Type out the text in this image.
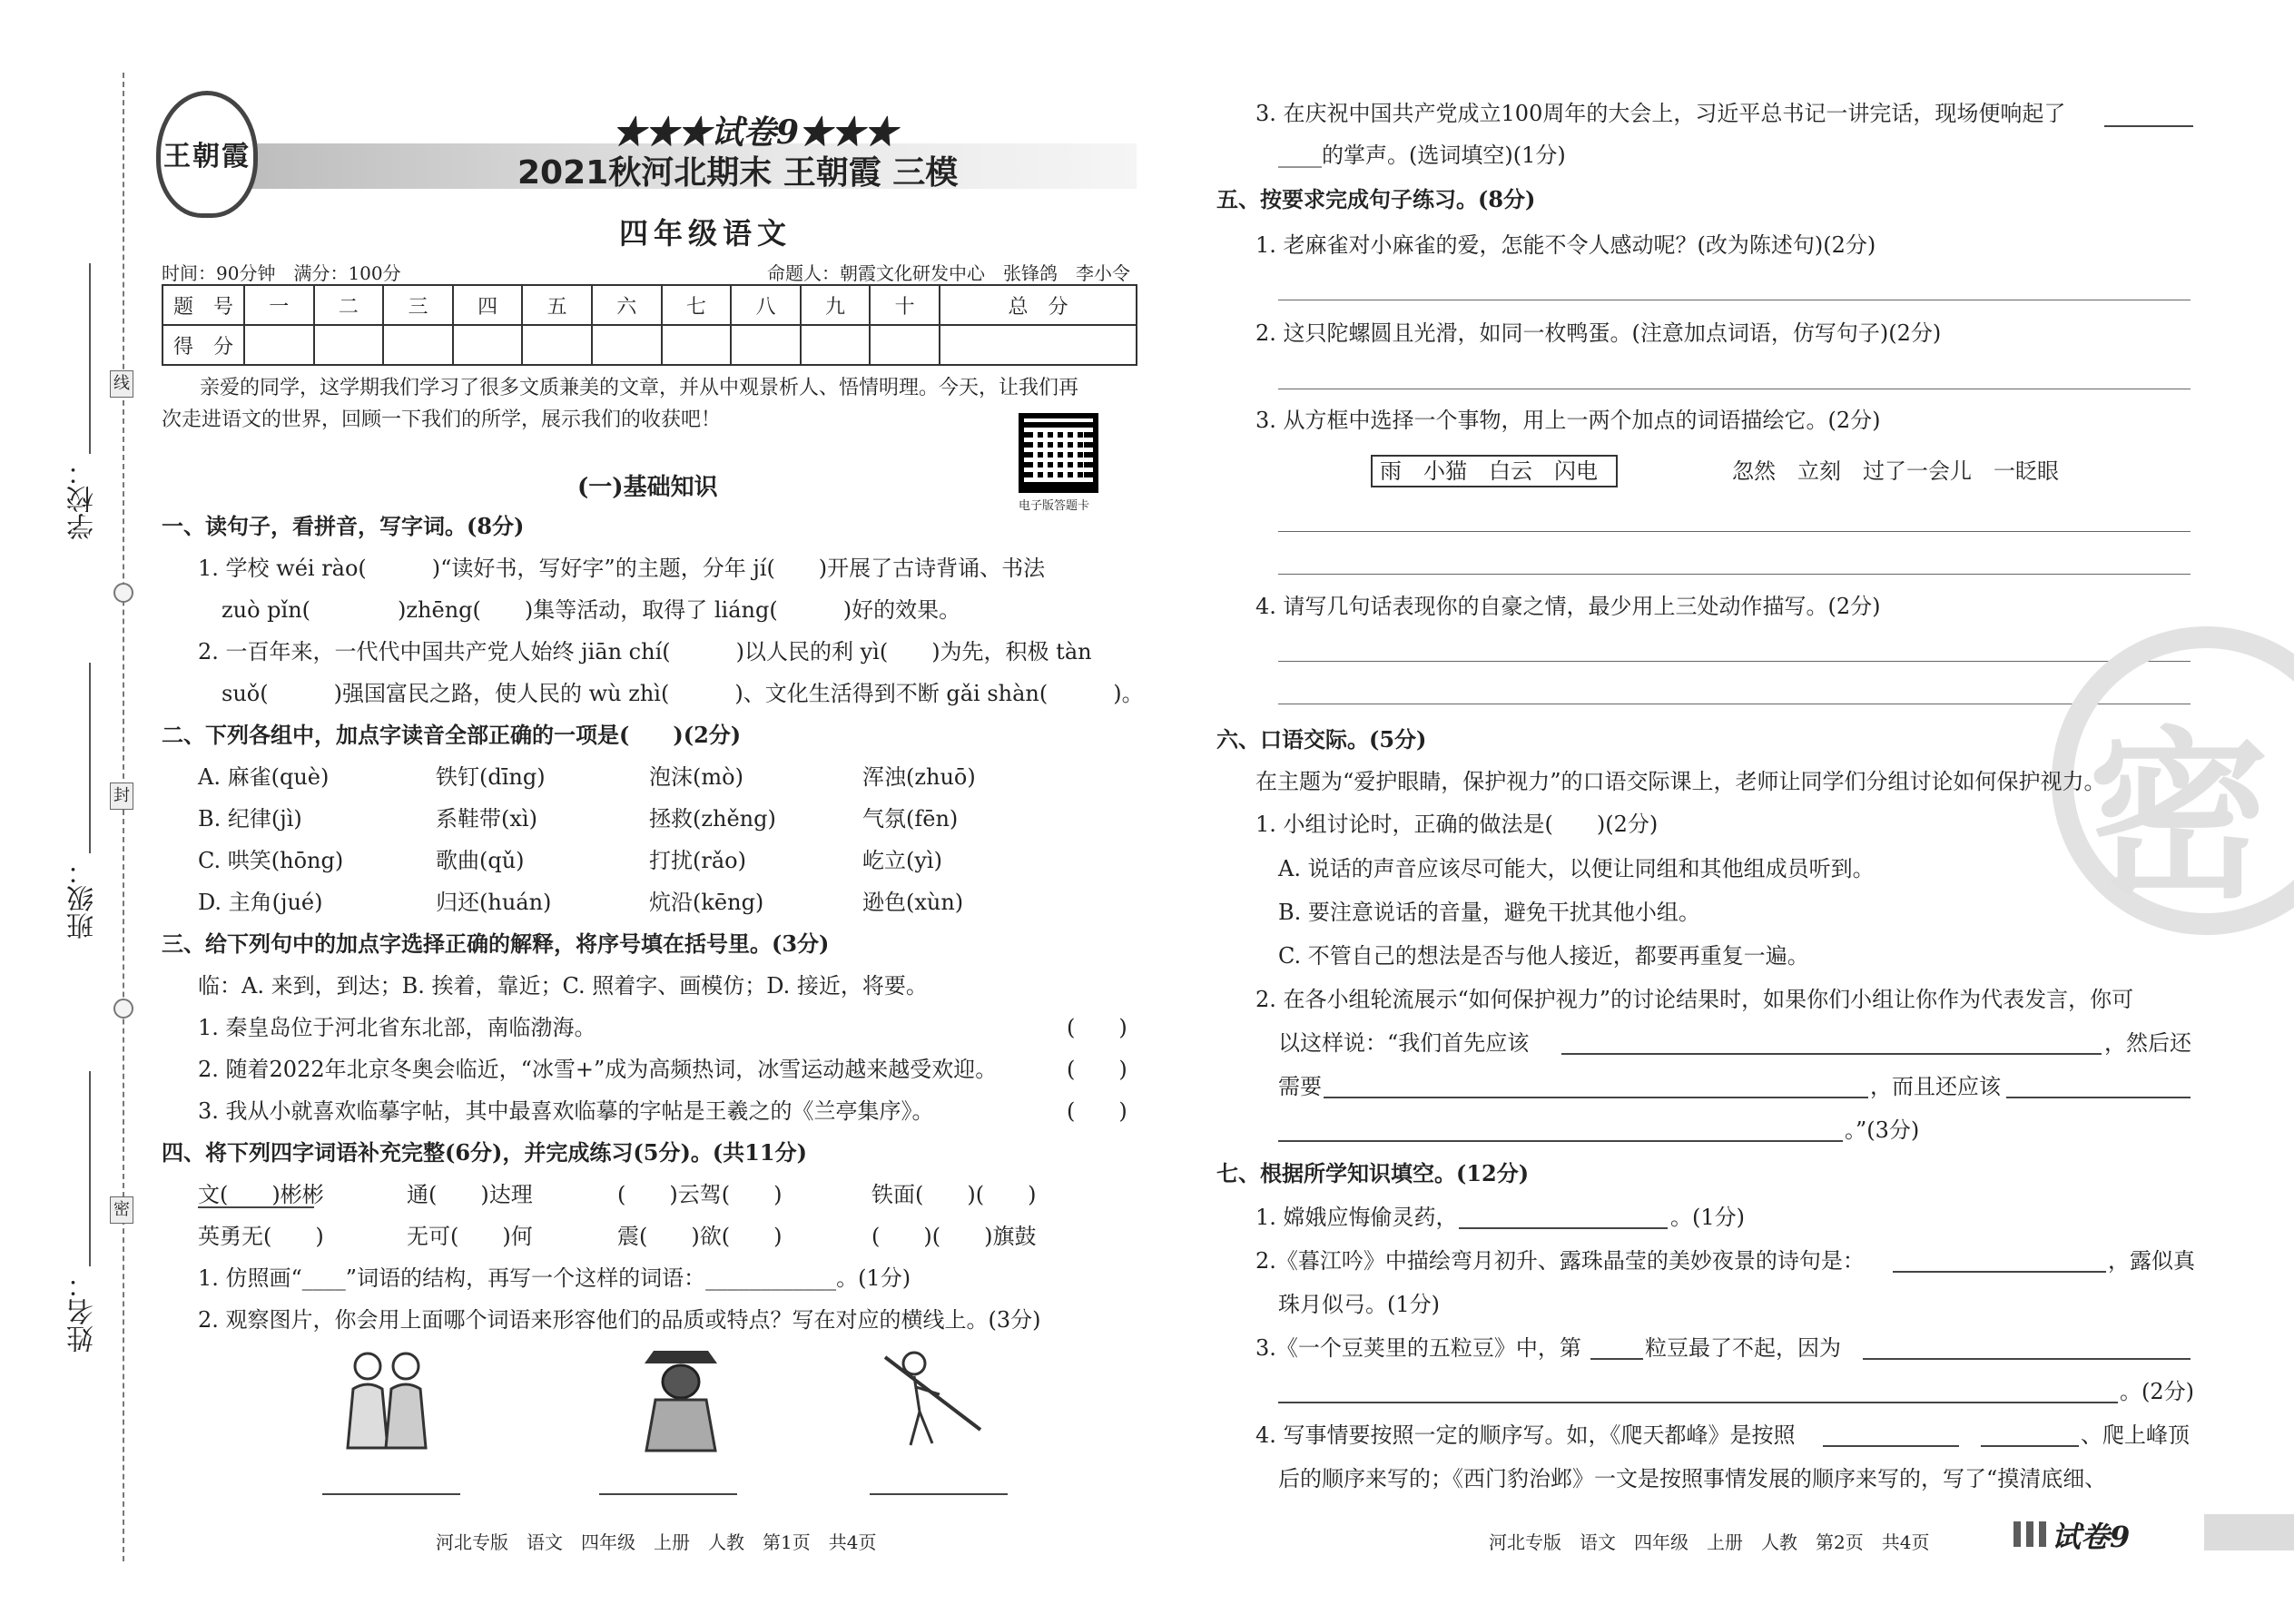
学校：
班级：
姓名：
线
封
密
王朝霞
★★★试卷9★★★
2021秋河北期末 王朝霞 三模
四年级语文
时间：90分钟　满分：100分	命题人：朝霞文化研发中心　张锋鸽　李小令
题　号	一	二	三	四	五	六	七	八	九	十	总　分
得　分											
亲爱的同学，这学期我们学习了很多文质兼美的文章，并从中观景析人、悟情明理。今天，让我们再
次走进语文的世界，回顾一下我们的所学，展示我们的收获吧！
电子版答题卡
(一)基础知识
一、读句子，看拼音，写字词。(8分)
1. 学校 wéi rào(　　　)“读好书，写好字”的主题，分年 jí(　　)开展了古诗背诵、书法
zuò pǐn(　　　　)zhēng(　　)集等活动，取得了 liáng(　　　)好的效果。
2. 一百年来，一代代中国共产党人始终 jiān chí(　　　)以人民的利 yì(　　)为先，积极 tàn
suǒ(　　　)强国富民之路，使人民的 wù zhì(　　　)、文化生活得到不断 gǎi shàn(　　　)。
二、下列各组中，加点字读音全部正确的一项是(　　)(2分)
A. 麻雀(què)	铁钉(dīng)	泡沫(mò)	浑浊(zhuō)
B. 纪律(jì)	系鞋带(xì)	拯救(zhěng)	气氛(fēn)
C. 哄笑(hōng)	歌曲(qǔ)	打扰(rǎo)	屹立(yì)
D. 主角(jué)	归还(huán)	炕沿(kēng)	逊色(xùn)
三、给下列句中的加点字选择正确的解释，将序号填在括号里。(3分)
临：A. 来到，到达；B. 挨着，靠近；C. 照着字、画模仿；D. 接近，将要。
1. 秦皇岛位于河北省东北部，南临渤海。	(　　)
2. 随着2022年北京冬奥会临近，“冰雪+”成为高频热词，冰雪运动越来越受欢迎。	(　　)
3. 我从小就喜欢临摹字帖，其中最喜欢临摹的字帖是王羲之的《兰亭集序》。	(　　)
四、将下列四字词语补充完整(6分)，并完成练习(5分)。(共11分)
文(　　)彬彬	通(　　)达理	(　　)云驾(　　)	铁面(　　)(　　)
英勇无(　　)	无可(　　)何	震(　　)欲(　　)	(　　)(　　)旗鼓
1. 仿照画“____”词语的结构，再写一个这样的词语：____________。(1分)
2. 观察图片，你会用上面哪个词语来形容他们的品质或特点？写在对应的横线上。(3分)
3. 在庆祝中国共产党成立100周年的大会上，习近平总书记一讲完话，现场便响起了
____的掌声。(选词填空)(1分)
五、按要求完成句子练习。(8分)
1. 老麻雀对小麻雀的爱，怎能不令人感动呢？(改为陈述句)(2分)
2. 这只陀螺圆且光滑，如同一枚鸭蛋。(注意加点词语，仿写句子)(2分)
3. 从方框中选择一个事物，用上一两个加点的词语描绘它。(2分)
雨　小猫　白云　闪电	忽然　立刻　过了一会儿　一眨眼
4. 请写几句话表现你的自豪之情，最少用上三处动作描写。(2分)
密
六、口语交际。(5分)
在主题为“爱护眼睛，保护视力”的口语交际课上，老师让同学们分组讨论如何保护视力。
1. 小组讨论时，正确的做法是(　　)(2分)
A. 说话的声音应该尽可能大，以便让同组和其他组成员听到。
B. 要注意说话的音量，避免干扰其他小组。
C. 不管自己的想法是否与他人接近，都要再重复一遍。
2. 在各小组轮流展示“如何保护视力”的讨论结果时，如果你们小组让你作为代表发言，你可
以这样说：“我们首先应该	，然后还
需要	，而且还应该
。”(3分)
七、根据所学知识填空。(12分)
1. 嫦娥应悔偷灵药，	。(1分)
2.《暮江吟》中描绘弯月初升、露珠晶莹的美妙夜景的诗句是：	，露似真
珠月似弓。(1分)
3.《一个豆荚里的五粒豆》中，第	粒豆最了不起，因为
。(2分)
4. 写事情要按照一定的顺序写。如，《爬天都峰》是按照	、爬上峰顶
后的顺序来写的；《西门豹治邺》一文是按照事情发展的顺序来写的，写了“摸清底细、
河北专版　语文　四年级　上册　人教　第1页　共4页	河北专版　语文　四年级　上册　人教　第2页　共4页	试卷9
